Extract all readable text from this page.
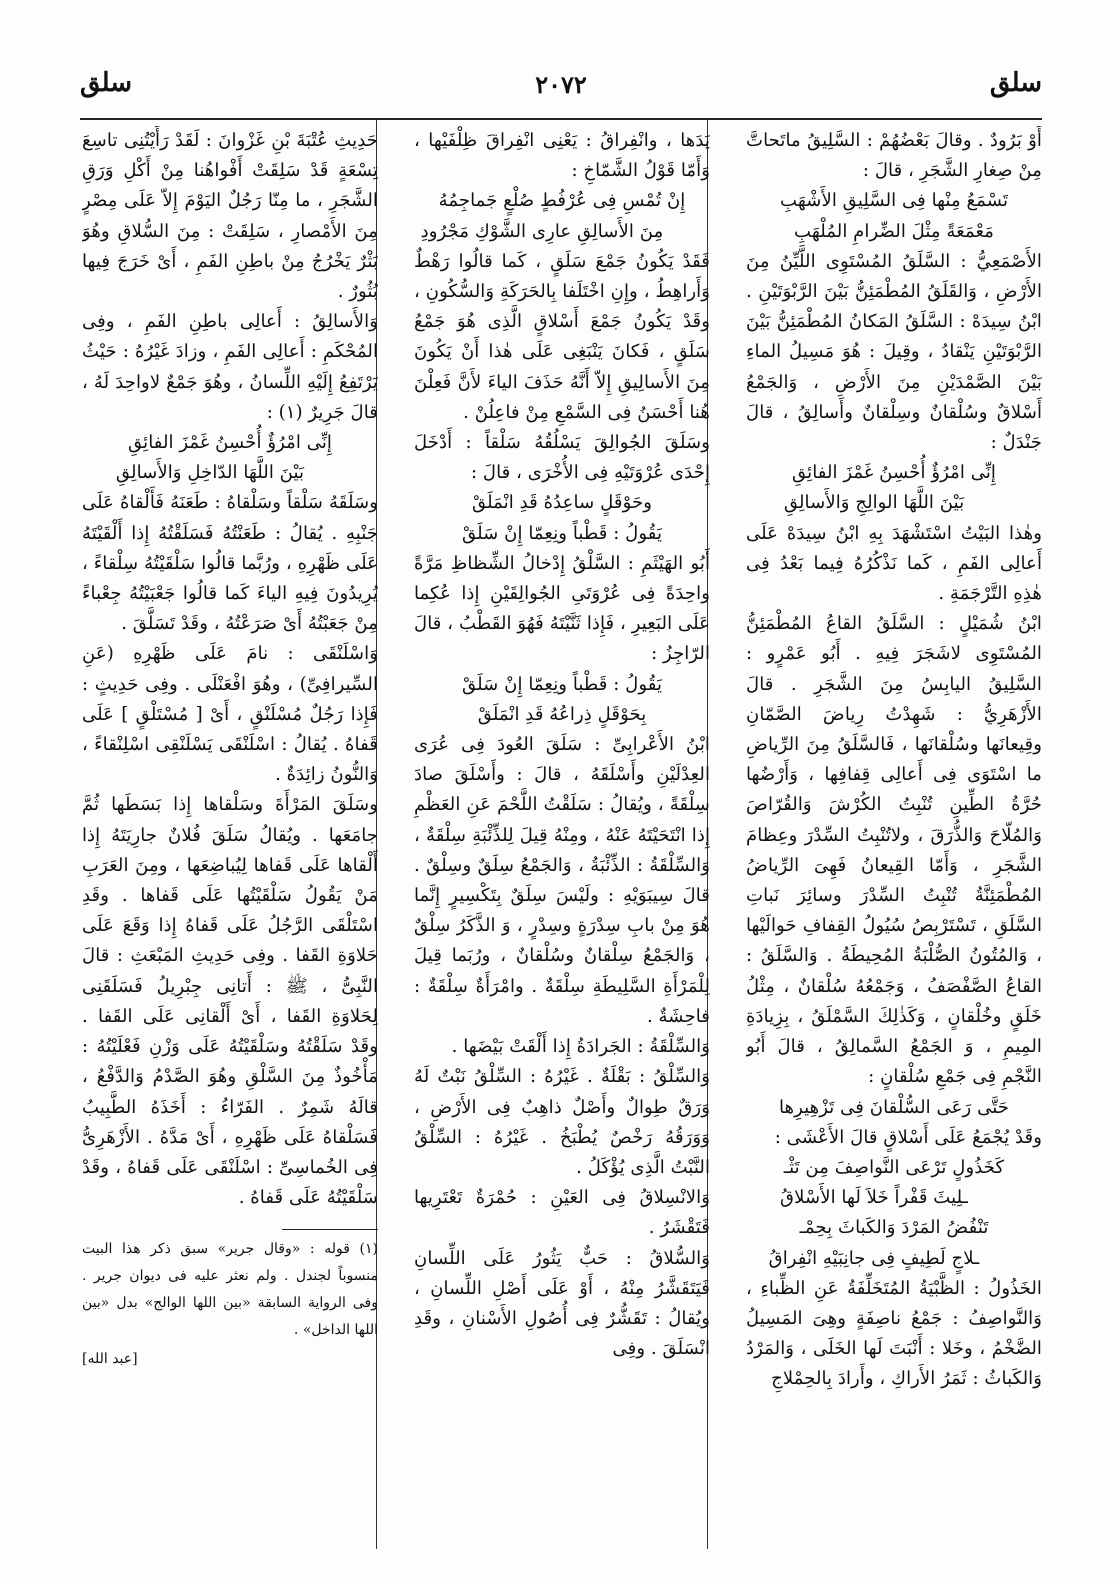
سلق
٢٠٧٢
سلق

أَوْ بَرُودٌ . وقالَ بَعْضُهُمْ : السَّلِيقُ ماتَحاتَّ مِنْ صِغارِ الشَّجَرِ ، قالَ :

تَسْمَعُ مِنْها فِى السَّلِيقِ الأَشْهَبِ

مَعْمَعَةً مِثْلَ الضِّرامِ المُلْهَبِ

الأَصْمَعِيُّ : السَّلَقُ المُسْتَوِى اللَّيِّنُ مِنَ الأَرْضِ ، وَالقَلَقُ المُطْمَئِنُّ بَيْنَ الرَّبْوَتَيْنِ . ابْنُ سِيدَهْ : السَّلَقُ المَكانُ المُطْمَئِنُّ بَيْنَ الرَّبْوَتَيْنِ يَنْقادُ ، وقِيلَ : هُوَ مَسِيلُ الماءِ بَيْنَ الصَّمْدَيْنِ مِنَ الأَرْضِ ، وَالجَمْعُ أَسْلاقٌ وسُلْقانٌ وسِلْقانٌ وأَسالِقُ ، قالَ جَنْدَلٌ :

إِنِّى امْرُؤٌ أُحْسِنُ غَمْزَ الفائِقِ

بَيْنَ اللَّهَا الوالِجِ وَالأَسالِقِ

وهٰذا البَيْتُ اسْتَشْهَدَ بِهِ ابْنُ سِيدَهْ عَلَى أَعالِى الفَمِ ، كَما نَذْكُرُهُ فِيما بَعْدُ فِى هٰذِهِ التَّرْجَمَةِ .

ابْنُ شُمَيْلٍ : السَّلَقُ القاعُ المُطْمَئِنُّ المُسْتَوِى لاشَجَرَ فِيهِ . أَبُو عَمْرٍو : السَّلِيقُ اليابِسُ مِنَ الشَّجَرِ . قالَ الأَزْهَرِيُّ : شَهِدْتُ رِياضَ الصَّمّانِ وقِيعانَها وسُلْقانَها ، فَالسَّلَقُ مِنَ الرِّياضِ ما اسْتَوَى فِى أَعالِى قِفافِها ، وَأَرْضُها حُرَّةُ الطِّينِ تُنْبِتُ الكُرْشَ وَالقُرّاصَ وَالمُلّاحَ وَالذُّرَقَ ، ولاتُنْبِتُ السِّدْرَ وعِظامَ الشَّجَرِ ، وَأَمّا القِيعانُ فَهِىَ الرِّياضُ المُطْمَئِنَّةُ تُنْبِتُ السِّدْرَ وسائِرَ نَباتِ السَّلَقِ ، تَسْتَرْبِصُ سُيُولُ القِفافِ حَوالَيْها ، وَالمُتُونُ الصُّلْبَةُ المُحِيطَةُ . وَالسَّلَقُ : القاعُ الصَّفْصَفُ ، وَجَمْعُهُ سُلْقانٌ ، مِثْلُ خَلَقٍ وخُلْقانٍ ، وَكَذٰلِكَ السَّمْلَقُ ، بِزِيادَةِ المِيمِ ، وَ الجَمْعُ السَّمالِقُ ، قالَ أَبُو النَّجْمِ فِى جَمْعِ سُلْقانٍ :

حَتَّى رَعَى السُّلْقانَ فِى تَزْهِيرِها

وقَدْ يُجْمَعُ عَلَى أَسْلاقٍ قالَ الأَعْشَى :

كَخَذُولٍ تَرْعَى النَّواصِفَ مِن تَثْـ

ـلِيثَ قَفْراً خَلاَ لَها الأَسْلاقُ

تَنْفُضُ المَرْدَ وَالكَباثَ بِحِمْـ

ـلاجٍ لَطِيفٍ فِى جانِبَيْهِ انْفِراقُ

الخَذُولُ : الظَّبْيَةُ المُتَخَلِّفَةُ عَنِ الظِّباءِ ، وَالنَّواصِفُ : جَمْعُ ناصِفَةٍ وهِىَ المَسِيلُ الضَّخْمُ ، وخَلا : أَنْبَتَ لَها الخَلَى ، وَالمَرْدُ وَالكَباثُ : ثَمَرُ الأَراكِ ، وأَرادَ بِالحِمْلاجِ

يَدَها ، وانْفِراقُ : يَعْنِى انْفِراقَ ظِلْفَيْها ، وَأَمّا قَوْلُ الشَّمّاخِ :

إِنْ تُمْسِ فِى عُرْفُطٍ صُلْعٍ جَماجِمُهُ

مِنَ الأَسالِقِ عارِى الشَّوْكِ مَجْرُودِ

فَقَدْ يَكُونُ جَمْعَ سَلَقٍ ، كَما قالُوا رَهْطٌ وَأَراهِطُ ، وإِنِ اخْتَلَفا بِالحَرَكَةِ وَالسُّكُونِ ، وقَدْ يَكُونُ جَمْعَ أَسْلاقٍ الَّذِى هُوَ جَمْعُ سَلَقٍ ، فَكانَ يَنْبَغِى عَلَى هٰذا أَنْ يَكُونَ مِنَ الأَسالِيقِ إِلاّ أَنَّهُ حَذَفَ الياءَ لأَنَّ فَعِلْنَ هُنا أَحْسَنُ فِى السَّمْعِ مِنْ فاعِلُنْ .

وسَلَقَ الجُوالِقَ يَسْلُقُهُ سَلْقاً : أَدْخَلَ إِحْدَى عُرْوَتَيْهِ فِى الأُخْرَى ، قالَ :

وحَوْقَلٍ ساعِدُهُ قَدِ انْمَلَقْ

يَقُولُ : قَطْباً ونِعِمّا إِنْ سَلَقْ

أَبُو الهَيْثَمِ : السَّلْقُ إِدْخالُ الشِّظاظِ مَرَّةً واحِدَةً فِى عُرْوَتَىِ الجُوالِقَيْنِ إِذا عُكِما عَلَى البَعِيرِ ، فَإِذا ثَنَّيْتَهُ فَهُوَ القَطْبُ ، قالَ الرّاجِزُ :

يَقُولُ : قَطْباً ونِعِمّا إِنْ سَلَقْ

بِحَوْقَلٍ ذِراعُهُ قَدِ انْمَلَقْ

ابْنُ الأَعْرابِىِّ : سَلَقَ العُودَ فِى عُرَى العِدْلَيْنِ وأَسْلَقَهُ ، قالَ : وأَسْلَقَ صادَ سِلْقَةً ، ويُقالُ : سَلَقْتُ اللَّحْمَ عَنِ العَظْمِ إِذا انْتَحَيْتَهُ عَنْهُ ، ومِنْهُ قِيلَ لِلذِّئْبَةِ سِلْقَةٌ ، وَالسِّلْقَةُ : الذِّئْبَةُ ، وَالجَمْعُ سِلَقٌ وسِلْقٌ . قالَ سِيبَوَيْهِ : ولَيْسَ سِلَقٌ بِتَكْسِيرٍ إِنَّما هُوَ مِنْ بابِ سِدْرَةٍ وسِدْرٍ ، وَ الذَّكَرُ سِلْقٌ ، وَالجَمْعُ سِلْقانٌ وسُلْقانٌ ، ورُبَما قِيلَ لِلْمَرْأَةِ السَّلِيطَةِ سِلْقَةٌ . وامْرَأَةٌ سِلْقَةٌ : فاحِشَةٌ .

وَالسِّلْقَةُ : الجَرادَةُ إِذا أَلْقَتْ بَيْضَها .

وَالسِّلْقُ : بَقْلَةٌ . غَيْرُهُ : السِّلْقُ نَبْتٌ لَهُ وَرَقٌ طِوالٌ وأَصْلٌ ذاهِبٌ فِى الأَرْضِ ، وَوَرَقُهُ رَخْصٌ يُطْبَخُ . غَيْرُهُ : السِّلْقُ النَّبْتُ الَّذِى يُؤْكَلُ .

وَالانْسِلاقُ فِى العَيْنِ : حُمْرَةٌ تَعْتَرِيها فَتَقْشَرُ .

وَالسُّلاقُ : حَبٌّ يَثُورُ عَلَى اللِّسانِ فَيَتَقَشَّرُ مِنْهُ ، أَوْ عَلَى أَصْلِ اللِّسانِ ، ويُقالُ : تَقَشُّرٌ فِى أُصُولِ الأَسْنانِ ، وقَدِ انْسَلَقَ . وفِى

حَدِيثِ عُتْبَةَ بْنِ غَزْوانَ : لَقَدْ رَأَيْتُنِى تاسِعَ تِسْعَةٍ قَدْ سَلِقَتْ أَفْواهُنا مِنْ أَكْلِ وَرَقِ الشَّجَرِ ، ما مِنّا رَجُلٌ اليَوْمَ إِلاّ عَلَى مِصْرٍ مِنَ الأَمْصارِ ، سَلِقَتْ : مِنَ السُّلاقِ وهُوَ بَثْرٌ يَخْرُجُ مِنْ باطِنِ الفَمِ ، أَىْ خَرَجَ فِيها بُثُورٌ .

وَالأَسالِقُ : أَعالِى باطِنِ الفَمِ ، وفِى المُحْكَمِ : أَعالِى الفَمِ ، وزادَ غَيْرُهُ : حَيْثُ يَرْتَفِعُ إِلَيْهِ اللِّسانُ ، وهُوَ جَمْعٌ لاواحِدَ لَهُ ، قالَ جَرِيرٌ (١) :

إِنِّى امْرُؤٌ أُحْسِنُ غَمْزَ الفائِقِ

بَيْنَ اللَّهَا الدّاخِلِ وَالأَسالِقِ

وسَلَقَهُ سَلْقاً وسَلْقاهُ : طَعَنَهُ فَأَلْقاهُ عَلَى جَنْبِهِ . يُقالُ : طَعَنْتُهُ فَسَلَقْتُهُ إِذا أَلْقَيْتَهُ عَلَى ظَهْرِهِ ، ورُبَّما قالُوا سَلْقَيْتُهُ سِلْقاءً ، يُرِيدُونَ فِيهِ الياءَ كَما قالُوا جَعْبَيْتُهُ جِعْباءً مِنْ جَعَبْتُهُ أَىْ صَرَعْتُهُ ، وقَدْ تَسَلَّقَ .

وَاسْلَنْقَى : نامَ عَلَى ظَهْرِهِ (عَنِ السِّيرافِىِّ) ، وهُوَ افْعَنْلَى . وفِى حَدِيثٍ : فَإِذا رَجُلٌ مُسْلَنْقٍ ، أَىْ [ مُسْتَلْقٍ ] عَلَى قَفاهُ . يُقالُ : اسْلَنْقَى يَسْلَنْقِى اسْلِنْقاءً ، وَالنُّونُ زائِدَةٌ .

وسَلَقَ المَرْأَةَ وسَلْقاها إِذا بَسَطَها ثُمَّ جامَعَها . ويُقالُ سَلَقَ فُلانٌ جارِيَتَهُ إِذا أَلْقاها عَلَى قَفاها لِيُباضِعَها ، ومِنَ العَرَبِ مَنْ يَقُولُ سَلْقَيْتُها عَلَى قَفاها . وقَدِ اسْتَلْقَى الرَّجُلُ عَلَى قَفاهُ إِذا وَقَعَ عَلَى حَلاوَةِ القَفا . وفِى حَدِيثِ المَبْعَثِ : قالَ النَّبِىُّ ، ﷺ : أَتانِى جِبْرِيلُ فَسَلَقَنِى لِحَلاوَةِ القَفا ، أَىْ أَلْقانِى عَلَى القَفا . وقَدْ سَلَقْتُهُ وسَلْقَيْتُهُ عَلَى وَزْنِ فَعْلَيْتُهُ : مَأْخُوذٌ مِنَ السَّلْقِ وهُوَ الصَّدْمُ وَالدَّفْعُ ، قالَهُ شَمِرٌ . الفَرّاءُ : أَخَذَهُ الطَّبِيبُ فَسَلْقاهُ عَلَى ظَهْرِهِ ، أَىْ مَدَّهُ . الأَزْهَرِىُّ فِى الخُماسِىِّ : اسْلَنْقَى عَلَى قَفاهُ ، وقَدْ سَلْقَيْتُهُ عَلَى قَفاهُ .

(١) قوله : «وقال جرير» سبق ذكر هذا البيت منسوباً لجندل . ولم نعثر عليه فى ديوان جرير . وفى الرواية السابقة «بين اللها الوالج» بدل «بين اللها الداخل» .

[عبد الله]
